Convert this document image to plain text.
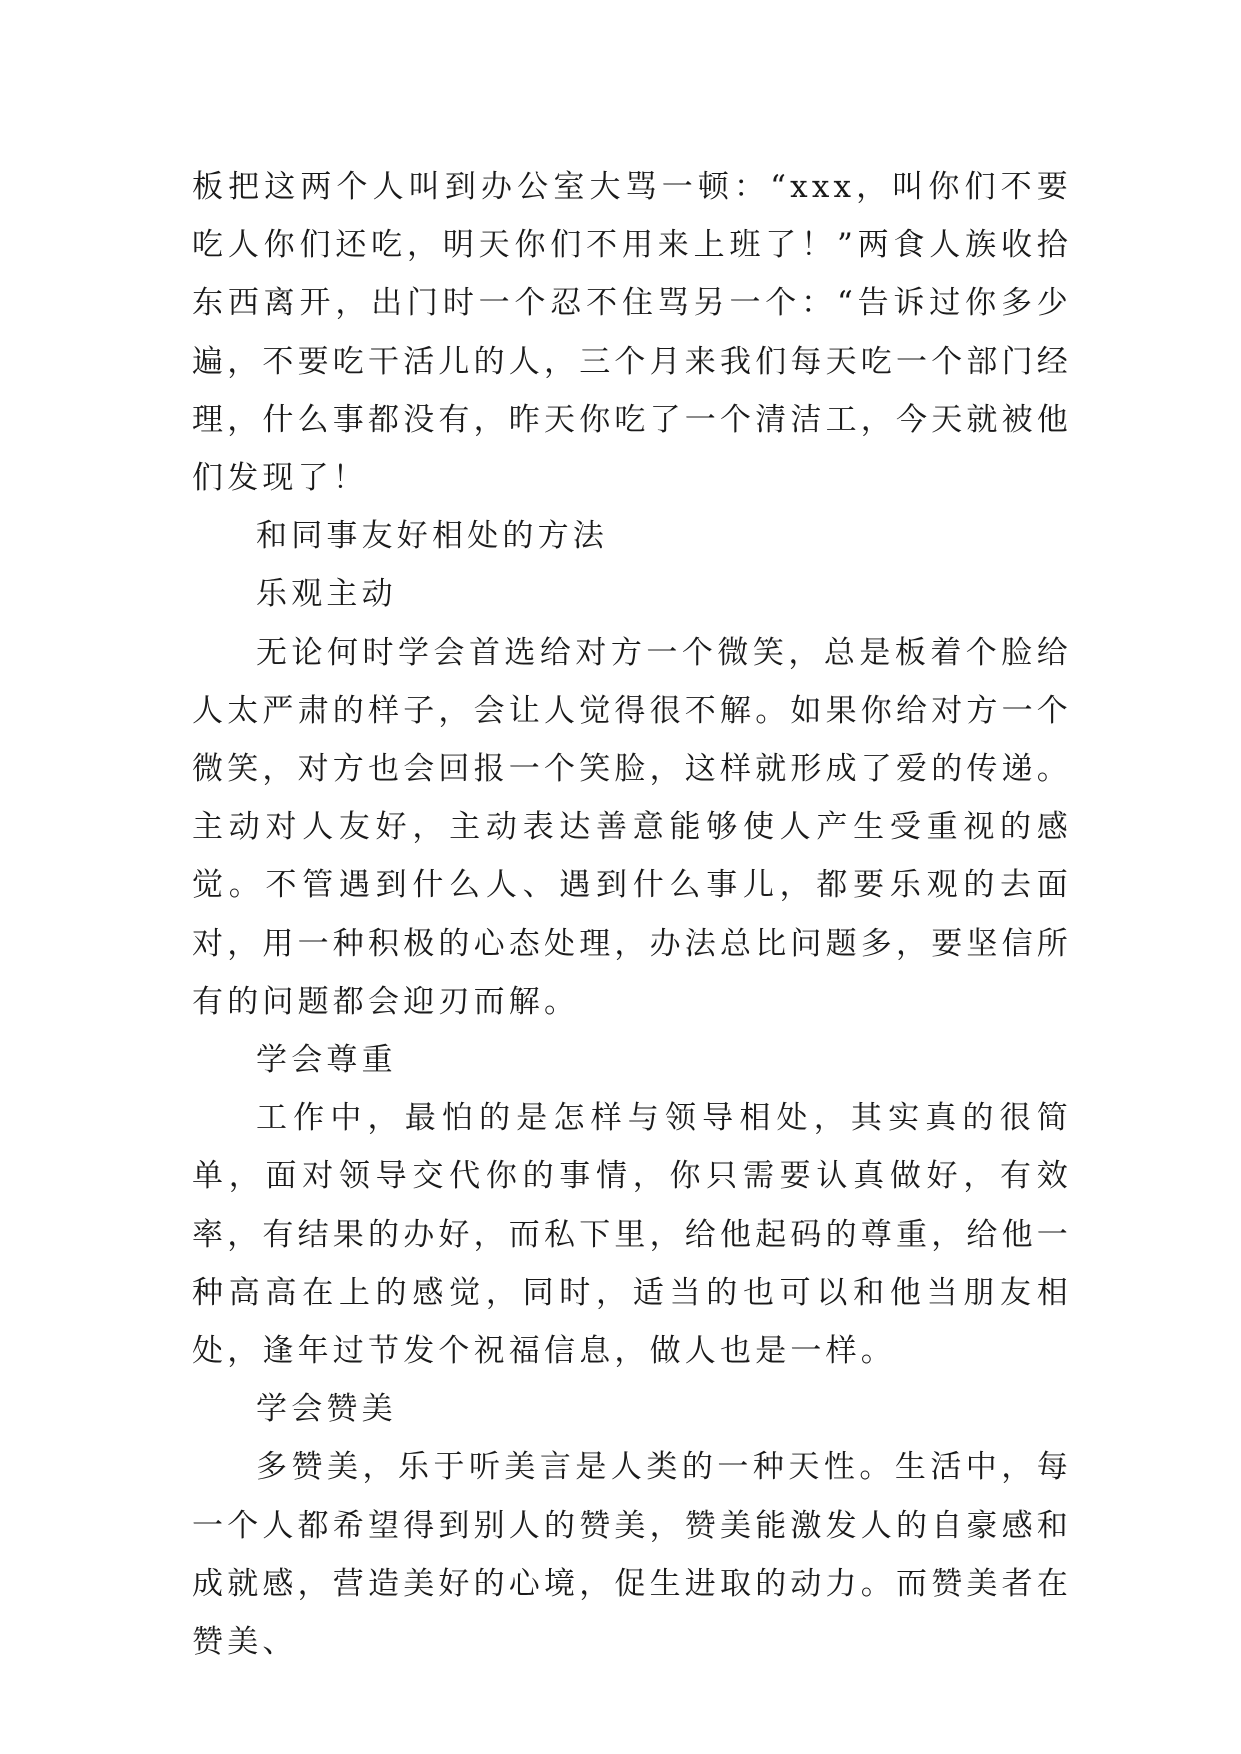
板把这两个人叫到办公室大骂一顿：“xxx，叫你们不要吃人你们还吃，明天你们不用来上班了！”两食人族收拾东西离开，出门时一个忍不住骂另一个：“告诉过你多少遍，不要吃干活儿的人，三个月来我们每天吃一个部门经理，什么事都没有，昨天你吃了一个清洁工，今天就被他们发现了！

和同事友好相处的方法

乐观主动

无论何时学会首选给对方一个微笑，总是板着个脸给人太严肃的样子，会让人觉得很不解。如果你给对方一个微笑，对方也会回报一个笑脸，这样就形成了爱的传递。主动对人友好，主动表达善意能够使人产生受重视的感觉。不管遇到什么人、遇到什么事儿，都要乐观的去面对，用一种积极的心态处理，办法总比问题多，要坚信所有的问题都会迎刃而解。

学会尊重

工作中，最怕的是怎样与领导相处，其实真的很简单，面对领导交代你的事情，你只需要认真做好，有效率，有结果的办好，而私下里，给他起码的尊重，给他一种高高在上的感觉，同时，适当的也可以和他当朋友相处，逢年过节发个祝福信息，做人也是一样。

学会赞美

多赞美，乐于听美言是人类的一种天性。生活中，每一个人都希望得到别人的赞美，赞美能激发人的自豪感和成就感，营造美好的心境，促生进取的动力。而赞美者在赞美、
